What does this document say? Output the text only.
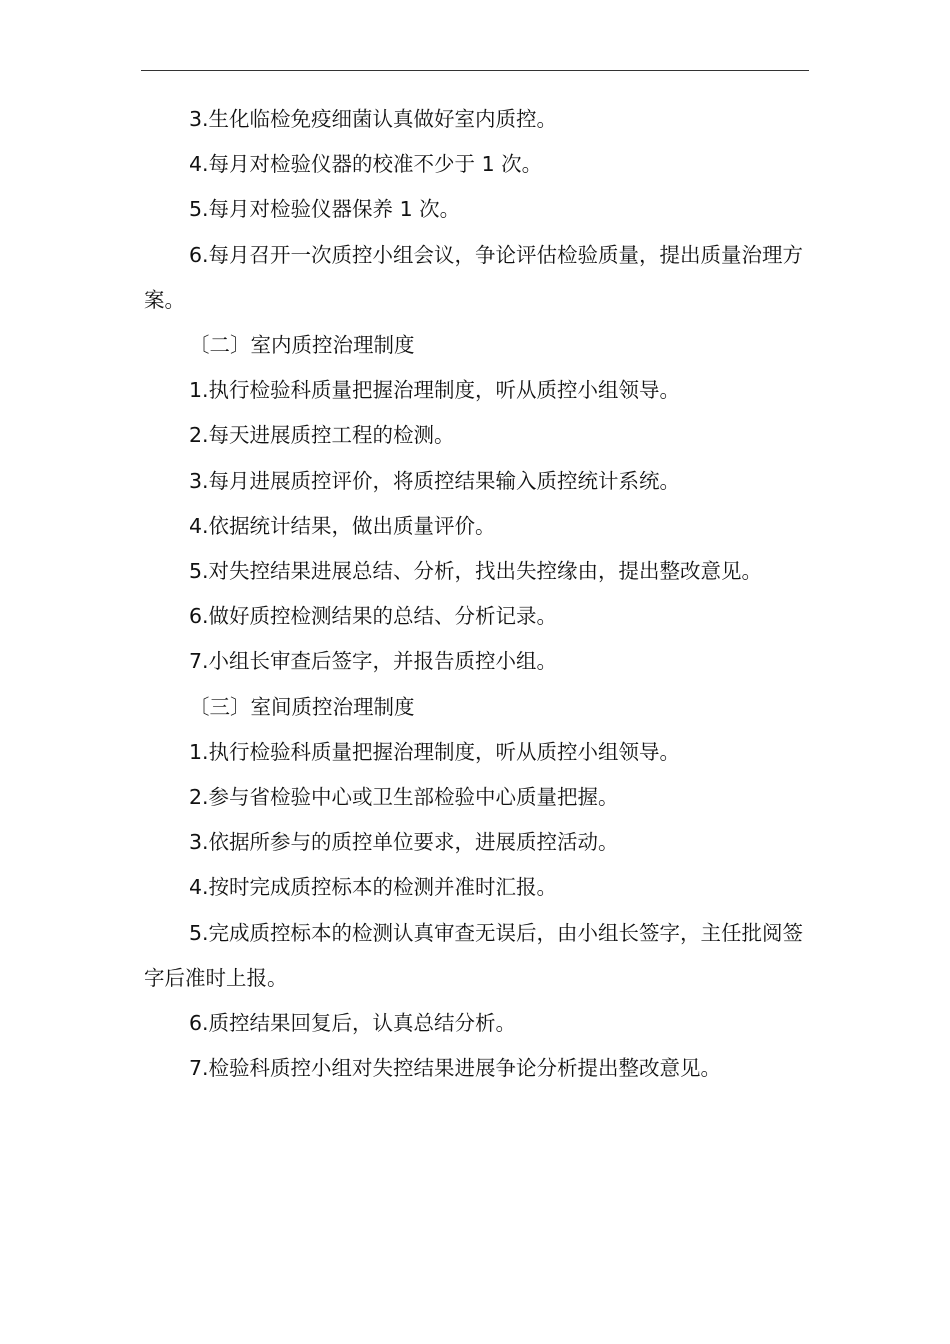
3.生化临检免疫细菌认真做好室内质控。

4.每月对检验仪器的校准不少于 1 次。

5.每月对检验仪器保养 1 次。

6.每月召开一次质控小组会议，争论评估检验质量，提出质量治理方案。

〔二〕室内质控治理制度

1.执行检验科质量把握治理制度，听从质控小组领导。

2.每天进展质控工程的检测。

3.每月进展质控评价，将质控结果输入质控统计系统。

4.依据统计结果，做出质量评价。

5.对失控结果进展总结、分析，找出失控缘由，提出整改意见。

6.做好质控检测结果的总结、分析记录。

7.小组长审查后签字，并报告质控小组。

〔三〕室间质控治理制度

1.执行检验科质量把握治理制度，听从质控小组领导。

2.参与省检验中心或卫生部检验中心质量把握。

3.依据所参与的质控单位要求，进展质控活动。

4.按时完成质控标本的检测并准时汇报。

5.完成质控标本的检测认真审查无误后，由小组长签字，主任批阅签字后准时上报。

6.质控结果回复后，认真总结分析。

7.检验科质控小组对失控结果进展争论分析提出整改意见。
